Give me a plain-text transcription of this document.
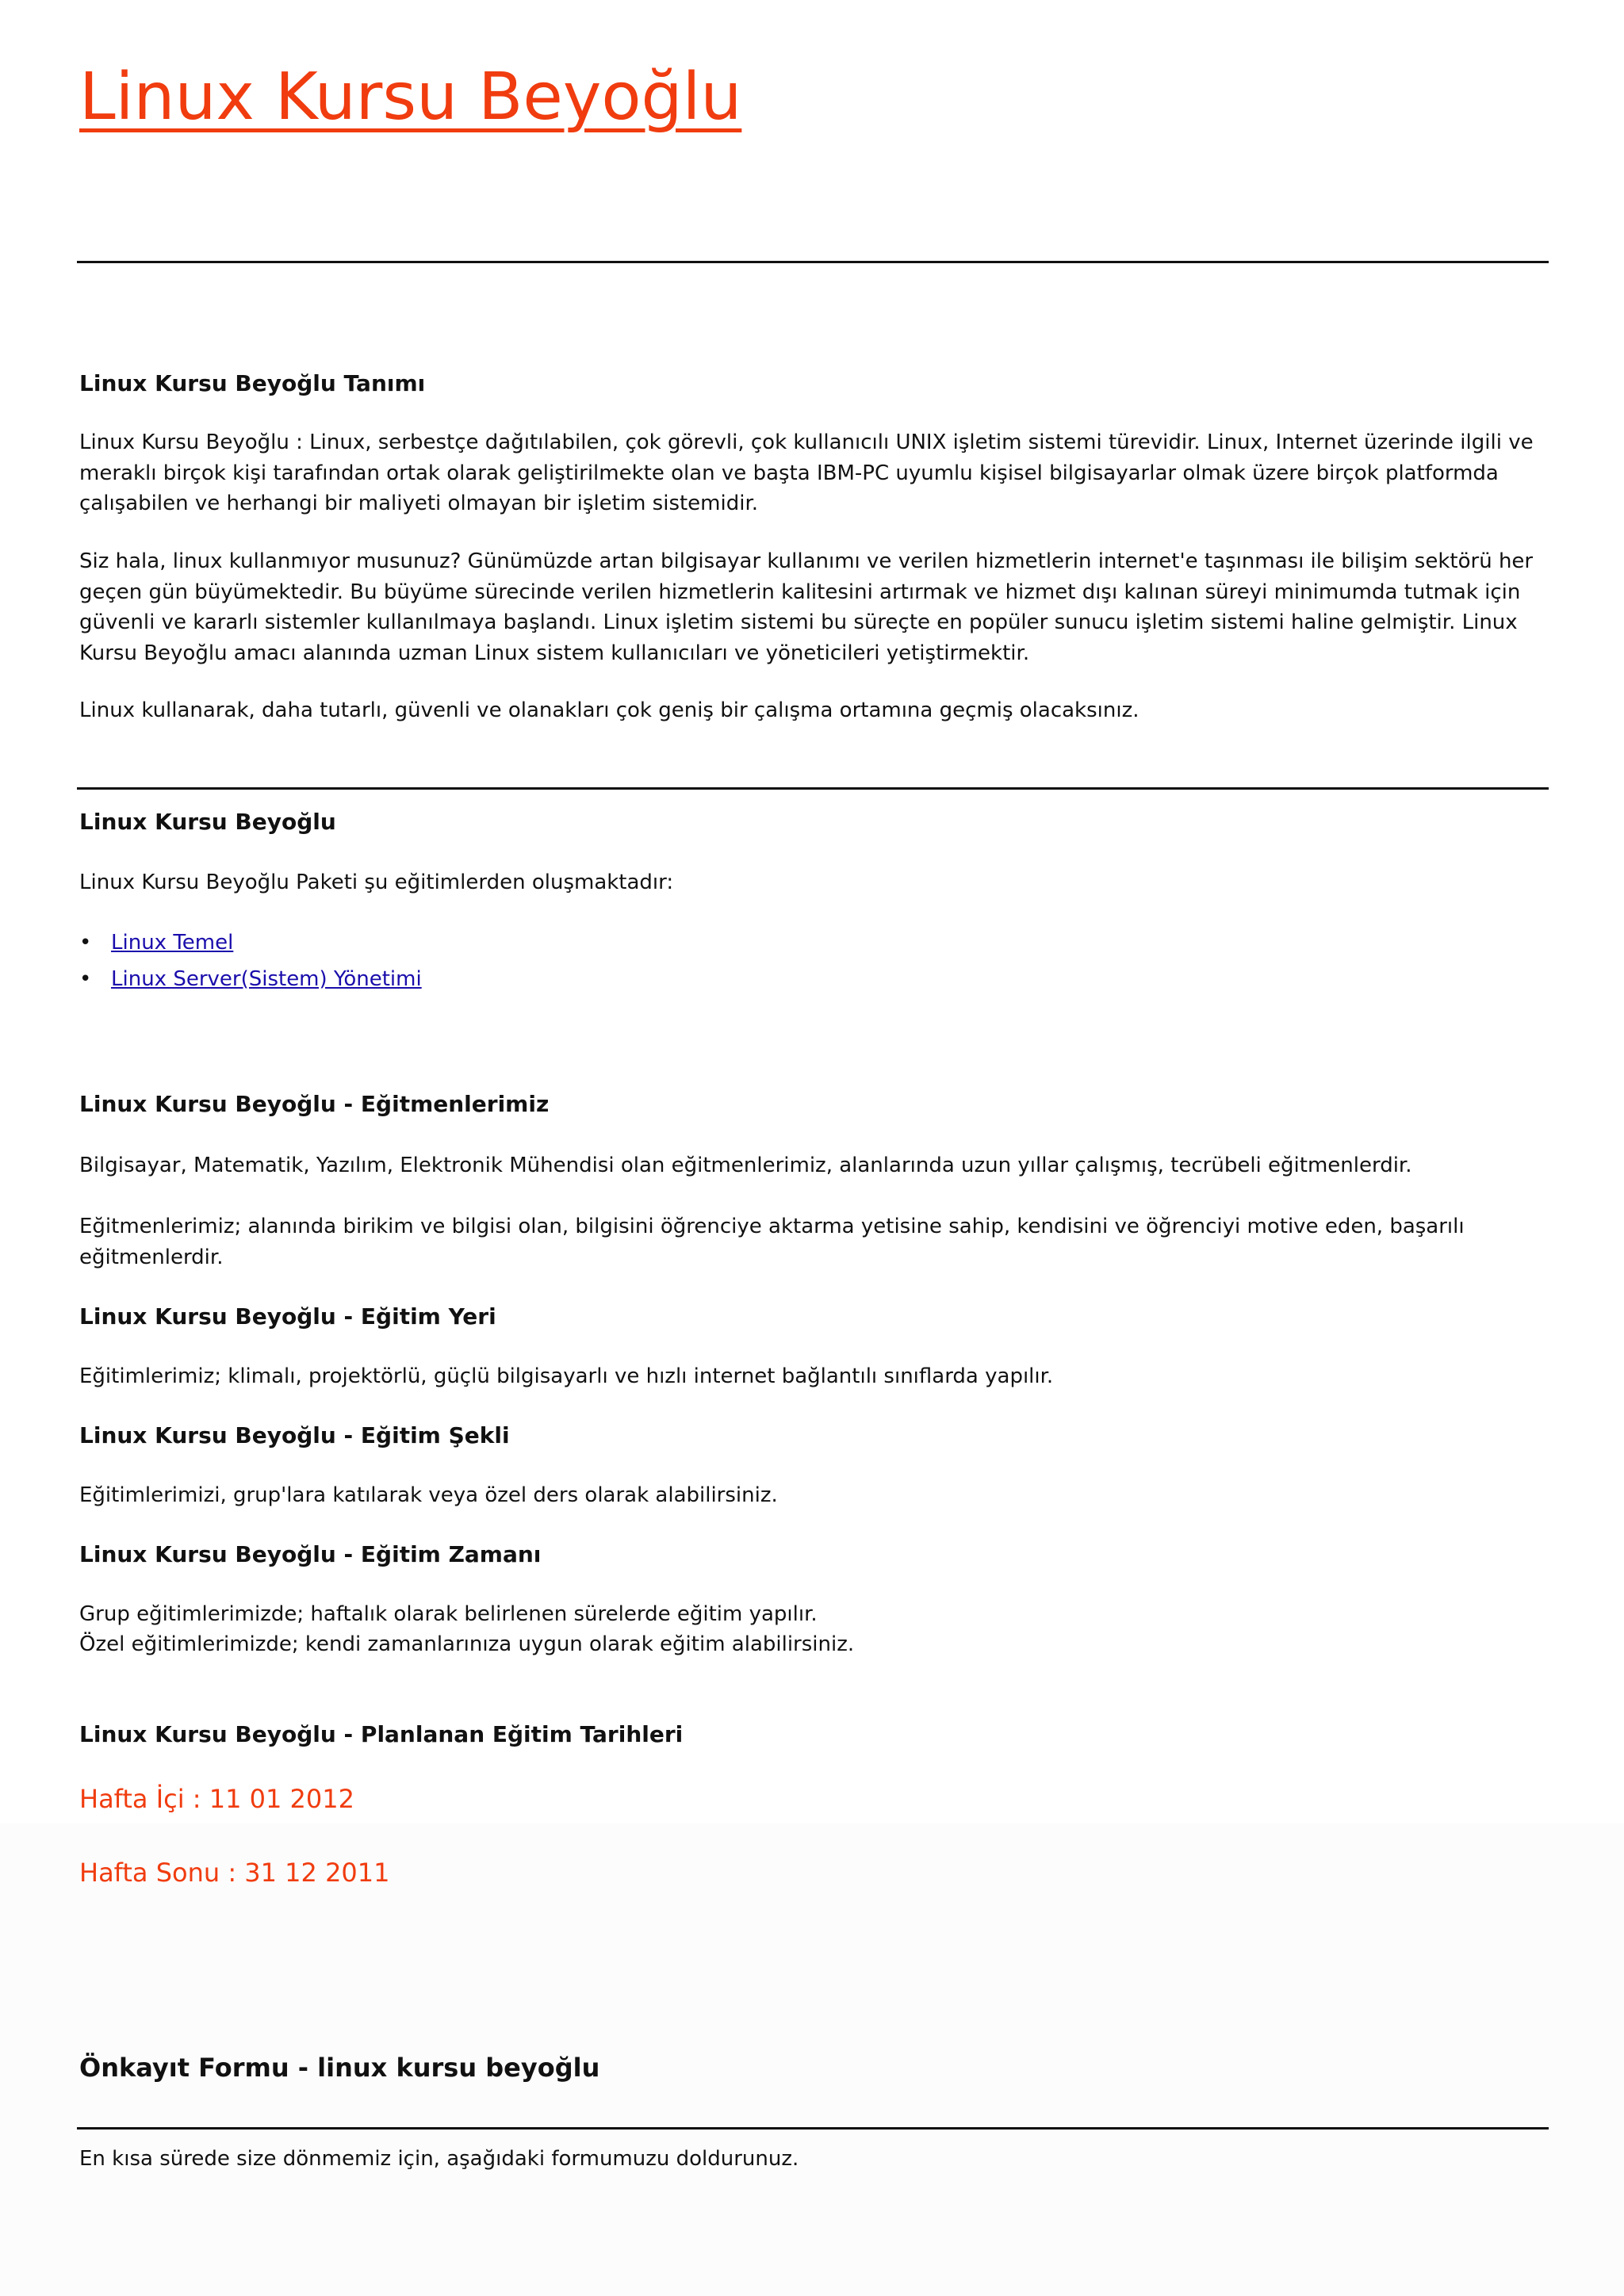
Linux Kursu Beyoğlu
Linux Kursu Beyoğlu Tanımı

Linux Kursu Beyoğlu : Linux, serbestçe dağıtılabilen, çok görevli, çok kullanıcılı UNIX işletim sistemi türevidir. Linux, Internet üzerinde ilgili ve meraklı birçok kişi tarafından ortak olarak geliştirilmekte olan ve başta IBM-PC uyumlu kişisel bilgisayarlar olmak üzere birçok platformda çalışabilen ve herhangi bir maliyeti olmayan bir işletim sistemidir.

Siz hala, linux kullanmıyor musunuz? Günümüzde artan bilgisayar kullanımı ve verilen hizmetlerin internet'e taşınması ile bilişim sektörü her geçen gün büyümektedir. Bu büyüme sürecinde verilen hizmetlerin kalitesini artırmak ve hizmet dışı kalınan süreyi minimumda tutmak için güvenli ve kararlı sistemler kullanılmaya başlandı. Linux işletim sistemi bu süreçte en popüler sunucu işletim sistemi haline gelmiştir. Linux Kursu Beyoğlu amacı alanında uzman Linux sistem kullanıcıları ve yöneticileri yetiştirmektir.

Linux kullanarak, daha tutarlı, güvenli ve olanakları çok geniş bir çalışma ortamına geçmiş olacaksınız.

Linux Kursu Beyoğlu

Linux Kursu Beyoğlu Paketi şu eğitimlerden oluşmaktadır:

• Linux Temel
• Linux Server(Sistem) Yönetimi
Linux Kursu Beyoğlu - Eğitmenlerimiz

Bilgisayar, Matematik, Yazılım, Elektronik Mühendisi olan eğitmenlerimiz, alanlarında uzun yıllar çalışmış, tecrübeli eğitmenlerdir.

Eğitmenlerimiz; alanında birikim ve bilgisi olan, bilgisini öğrenciye aktarma yetisine sahip, kendisini ve öğrenciyi motive eden, başarılı eğitmenlerdir.

Linux Kursu Beyoğlu - Eğitim Yeri

Eğitimlerimiz; klimalı, projektörlü, güçlü bilgisayarlı ve hızlı internet bağlantılı sınıflarda yapılır.

Linux Kursu Beyoğlu - Eğitim Şekli

Eğitimlerimizi, grup'lara katılarak veya özel ders olarak alabilirsiniz.

Linux Kursu Beyoğlu - Eğitim Zamanı

Grup eğitimlerimizde; haftalık olarak belirlenen sürelerde eğitim yapılır.

Özel eğitimlerimizde; kendi zamanlarınıza uygun olarak eğitim alabilirsiniz.

Linux Kursu Beyoğlu - Planlanan Eğitim Tarihleri

Hafta İçi : 11 01 2012

Hafta Sonu : 31 12 2011

Önkayıt Formu - linux kursu beyoğlu

En kısa sürede size dönmemiz için, aşağıdaki formumuzu doldurunuz.
